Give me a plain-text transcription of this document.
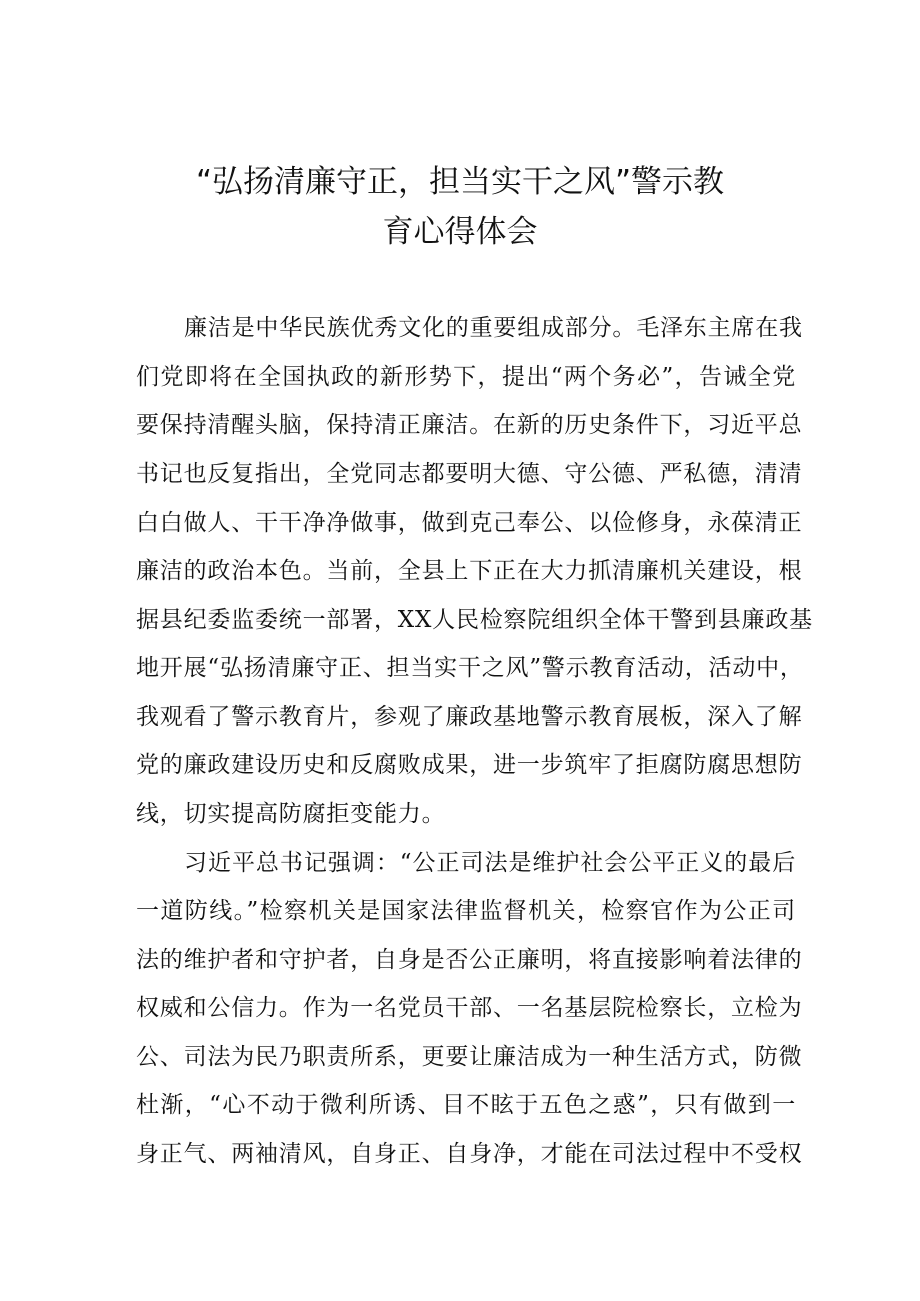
“弘扬清廉守正，担当实干之风”警示教
育心得体会
廉洁是中华民族优秀文化的重要组成部分。毛泽东主席在我
们党即将在全国执政的新形势下，提出“两个务必”，告诫全党
要保持清醒头脑，保持清正廉洁。在新的历史条件下，习近平总
书记也反复指出，全党同志都要明大德、守公德、严私德，清清
白白做人、干干净净做事，做到克己奉公、以俭修身，永葆清正
廉洁的政治本色。当前，全县上下正在大力抓清廉机关建设，根
据县纪委监委统一部署，XX人民检察院组织全体干警到县廉政基
地开展“弘扬清廉守正、担当实干之风”警示教育活动，活动中，
我观看了警示教育片，参观了廉政基地警示教育展板，深入了解
党的廉政建设历史和反腐败成果，进一步筑牢了拒腐防腐思想防
线，切实提高防腐拒变能力。
习近平总书记强调：“公正司法是维护社会公平正义的最后
一道防线。”检察机关是国家法律监督机关，检察官作为公正司
法的维护者和守护者，自身是否公正廉明，将直接影响着法律的
权威和公信力。作为一名党员干部、一名基层院检察长，立检为
公、司法为民乃职责所系，更要让廉洁成为一种生活方式，防微
杜渐，“心不动于微利所诱、目不眩于五色之惑”，只有做到一
身正气、两袖清风，自身正、自身净，才能在司法过程中不受权
